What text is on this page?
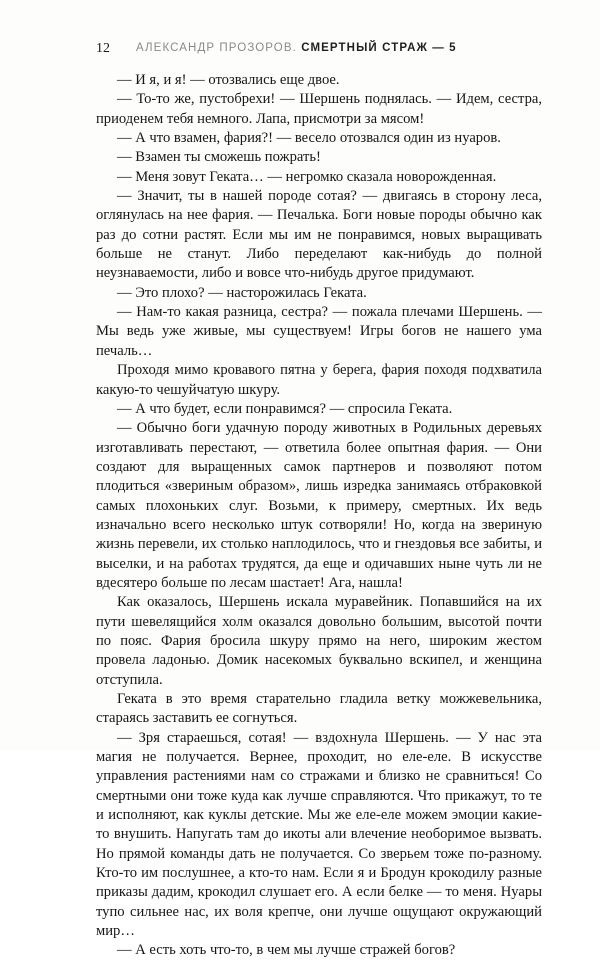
12 АЛЕКСАНДР ПРОЗОРОВ. СМЕРТНЫЙ СТРАЖ — 5

— И я, и я! — отозвались еще двое.

— То-то же, пустобрехи! — Шершень поднялась. — Идем, сестра, приоденем тебя немного. Лапа, присмотри за мясом!

— А что взамен, фария?! — весело отозвался один из нуаров.

— Взамен ты сможешь пожрать!

— Меня зовут Геката… — негромко сказала новорожденная.

— Значит, ты в нашей породе сотая? — двигаясь в сторону леса, оглянулась на нее фария. — Печалька. Боги новые породы обычно как раз до сотни растят. Если мы им не понравимся, новых выращивать больше не станут. Либо переделают как-нибудь до полной неузнаваемости, либо и вовсе что-нибудь другое придумают.

— Это плохо? — насторожилась Геката.

— Нам-то какая разница, сестра? — пожала плечами Шершень. — Мы ведь уже живые, мы существуем! Игры богов не нашего ума печаль…

Проходя мимо кровавого пятна у берега, фария походя подхватила какую-то чешуйчатую шкуру.

— А что будет, если понравимся? — спросила Геката.

— Обычно боги удачную породу животных в Родильных деревьях изготавливать перестают, — ответила более опытная фария. — Они создают для выращенных самок партнеров и позволяют потом плодиться «звериным образом», лишь изредка занимаясь отбраковкой самых плохоньких слуг. Возьми, к примеру, смертных. Их ведь изначально всего несколько штук сотворяли! Но, когда на звериную жизнь перевели, их столько наплодилось, что и гнездовья все забиты, и выселки, и на работах трудятся, да еще и одичавших ныне чуть ли не вдесятеро больше по лесам шастает! Ага, нашла!

Как оказалось, Шершень искала муравейник. Попавшийся на их пути шевелящийся холм оказался довольно большим, высотой почти по пояс. Фария бросила шкуру прямо на него, широким жестом провела ладонью. Домик насекомых буквально вскипел, и женщина отступила.

Геката в это время старательно гладила ветку можжевельника, стараясь заставить ее согнуться.

— Зря стараешься, сотая! — вздохнула Шершень. — У нас эта магия не получается. Вернее, проходит, но еле-еле. В искусстве управления растениями нам со стражами и близко не сравниться! Со смертными они тоже куда как лучше справляются. Что прикажут, то те и исполняют, как куклы детские. Мы же еле-еле можем эмоции какие-то внушить. Напугать там до икоты али влечение необоримое вызвать. Но прямой команды дать не получается. Со зверьем тоже по-разному. Кто-то им послушнее, а кто-то нам. Если я и Бродун крокодилу разные приказы дадим, крокодил слушает его. А если белке — то меня. Нуары тупо сильнее нас, их воля крепче, они лучше ощущают окружающий мир…

— А есть хоть что-то, в чем мы лучше стражей богов?
